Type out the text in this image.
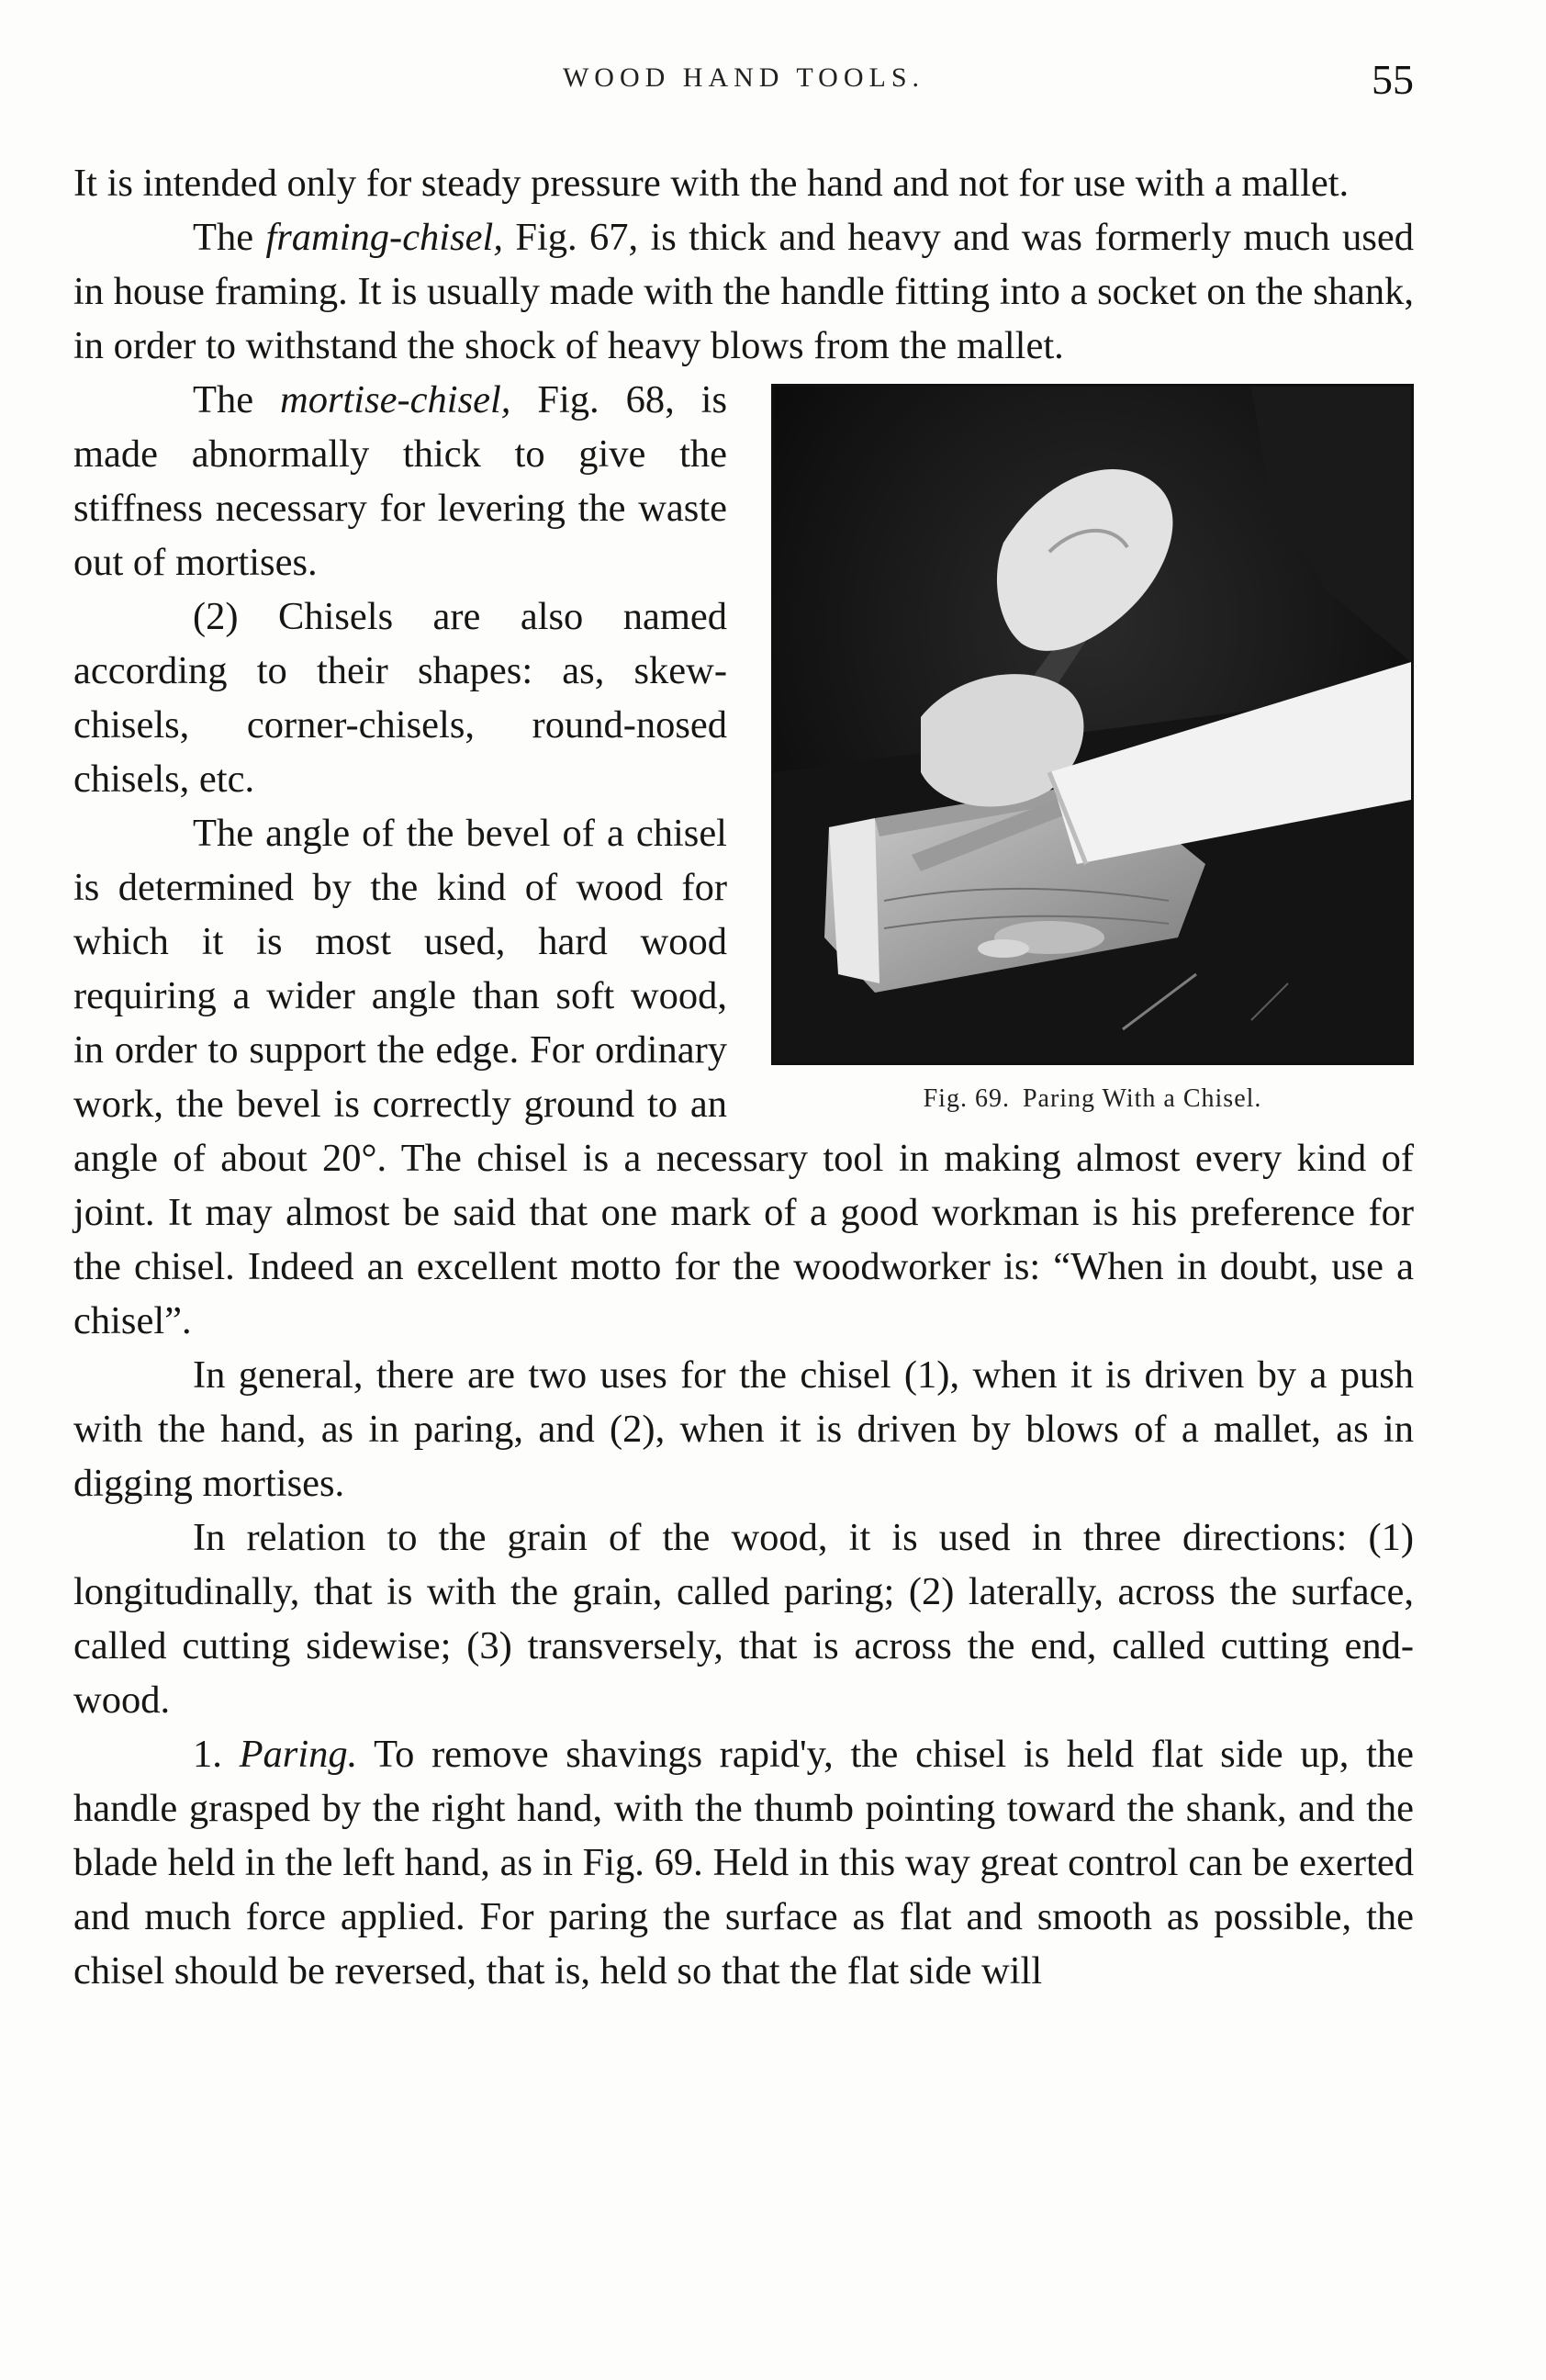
WOOD HAND TOOLS.	55

It is intended only for steady pressure with the hand and not for use with a mallet.

The framing-chisel, Fig. 67, is thick and heavy and was formerly much used in house framing. It is usually made with the handle fitting into a socket on the shank, in order to withstand the shock of heavy blows from the mallet.

Fig. 69. Paring With a Chisel.

The mortise-chisel, Fig. 68, is made abnormally thick to give the stiffness necessary for levering the waste out of mortises.

(2) Chisels are also named according to their shapes: as, skew-chisels, corner-chisels, round-nosed chisels, etc.

The angle of the bevel of a chisel is determined by the kind of wood for which it is most used, hard wood requiring a wider angle than soft wood, in order to support the edge. For ordinary work, the bevel is correctly ground to an angle of about 20°. The chisel is a necessary tool in making almost every kind of joint. It may almost be said that one mark of a good workman is his preference for the chisel. Indeed an excellent motto for the woodworker is: “When in doubt, use a chisel”.

In general, there are two uses for the chisel (1), when it is driven by a push with the hand, as in paring, and (2), when it is driven by blows of a mallet, as in digging mortises.

In relation to the grain of the wood, it is used in three directions: (1) longitudinally, that is with the grain, called paring; (2) laterally, across the surface, called cutting sidewise; (3) transversely, that is across the end, called cutting end-wood.

1. Paring. To remove shavings rapid'y, the chisel is held flat side up, the handle grasped by the right hand, with the thumb pointing toward the shank, and the blade held in the left hand, as in Fig. 69. Held in this way great control can be exerted and much force applied. For paring the surface as flat and smooth as possible, the chisel should be reversed, that is, held so that the flat side will
